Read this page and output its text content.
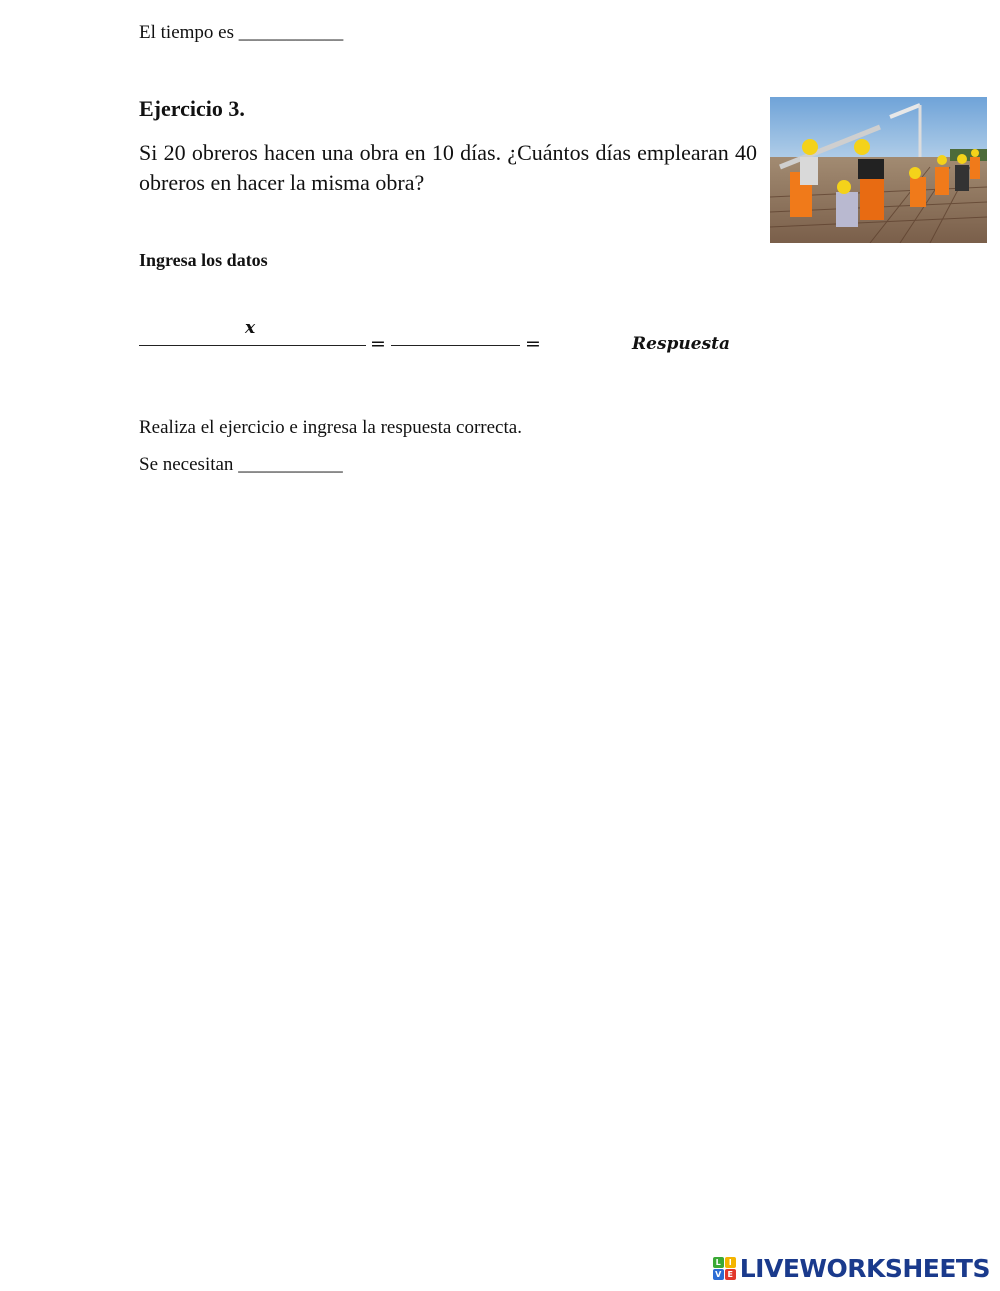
El tiempo es ___________
Ejercicio 3.
Si 20 obreros hacen una obra en 10 días. ¿Cuántos días emplearan 40 obreros en hacer la misma obra?
Ingresa los datos
x
=	=	Respuesta
Realiza el ejercicio e ingresa la respuesta correcta.
Se necesitan ___________
L I
V E LIVEWORKSHEETS
